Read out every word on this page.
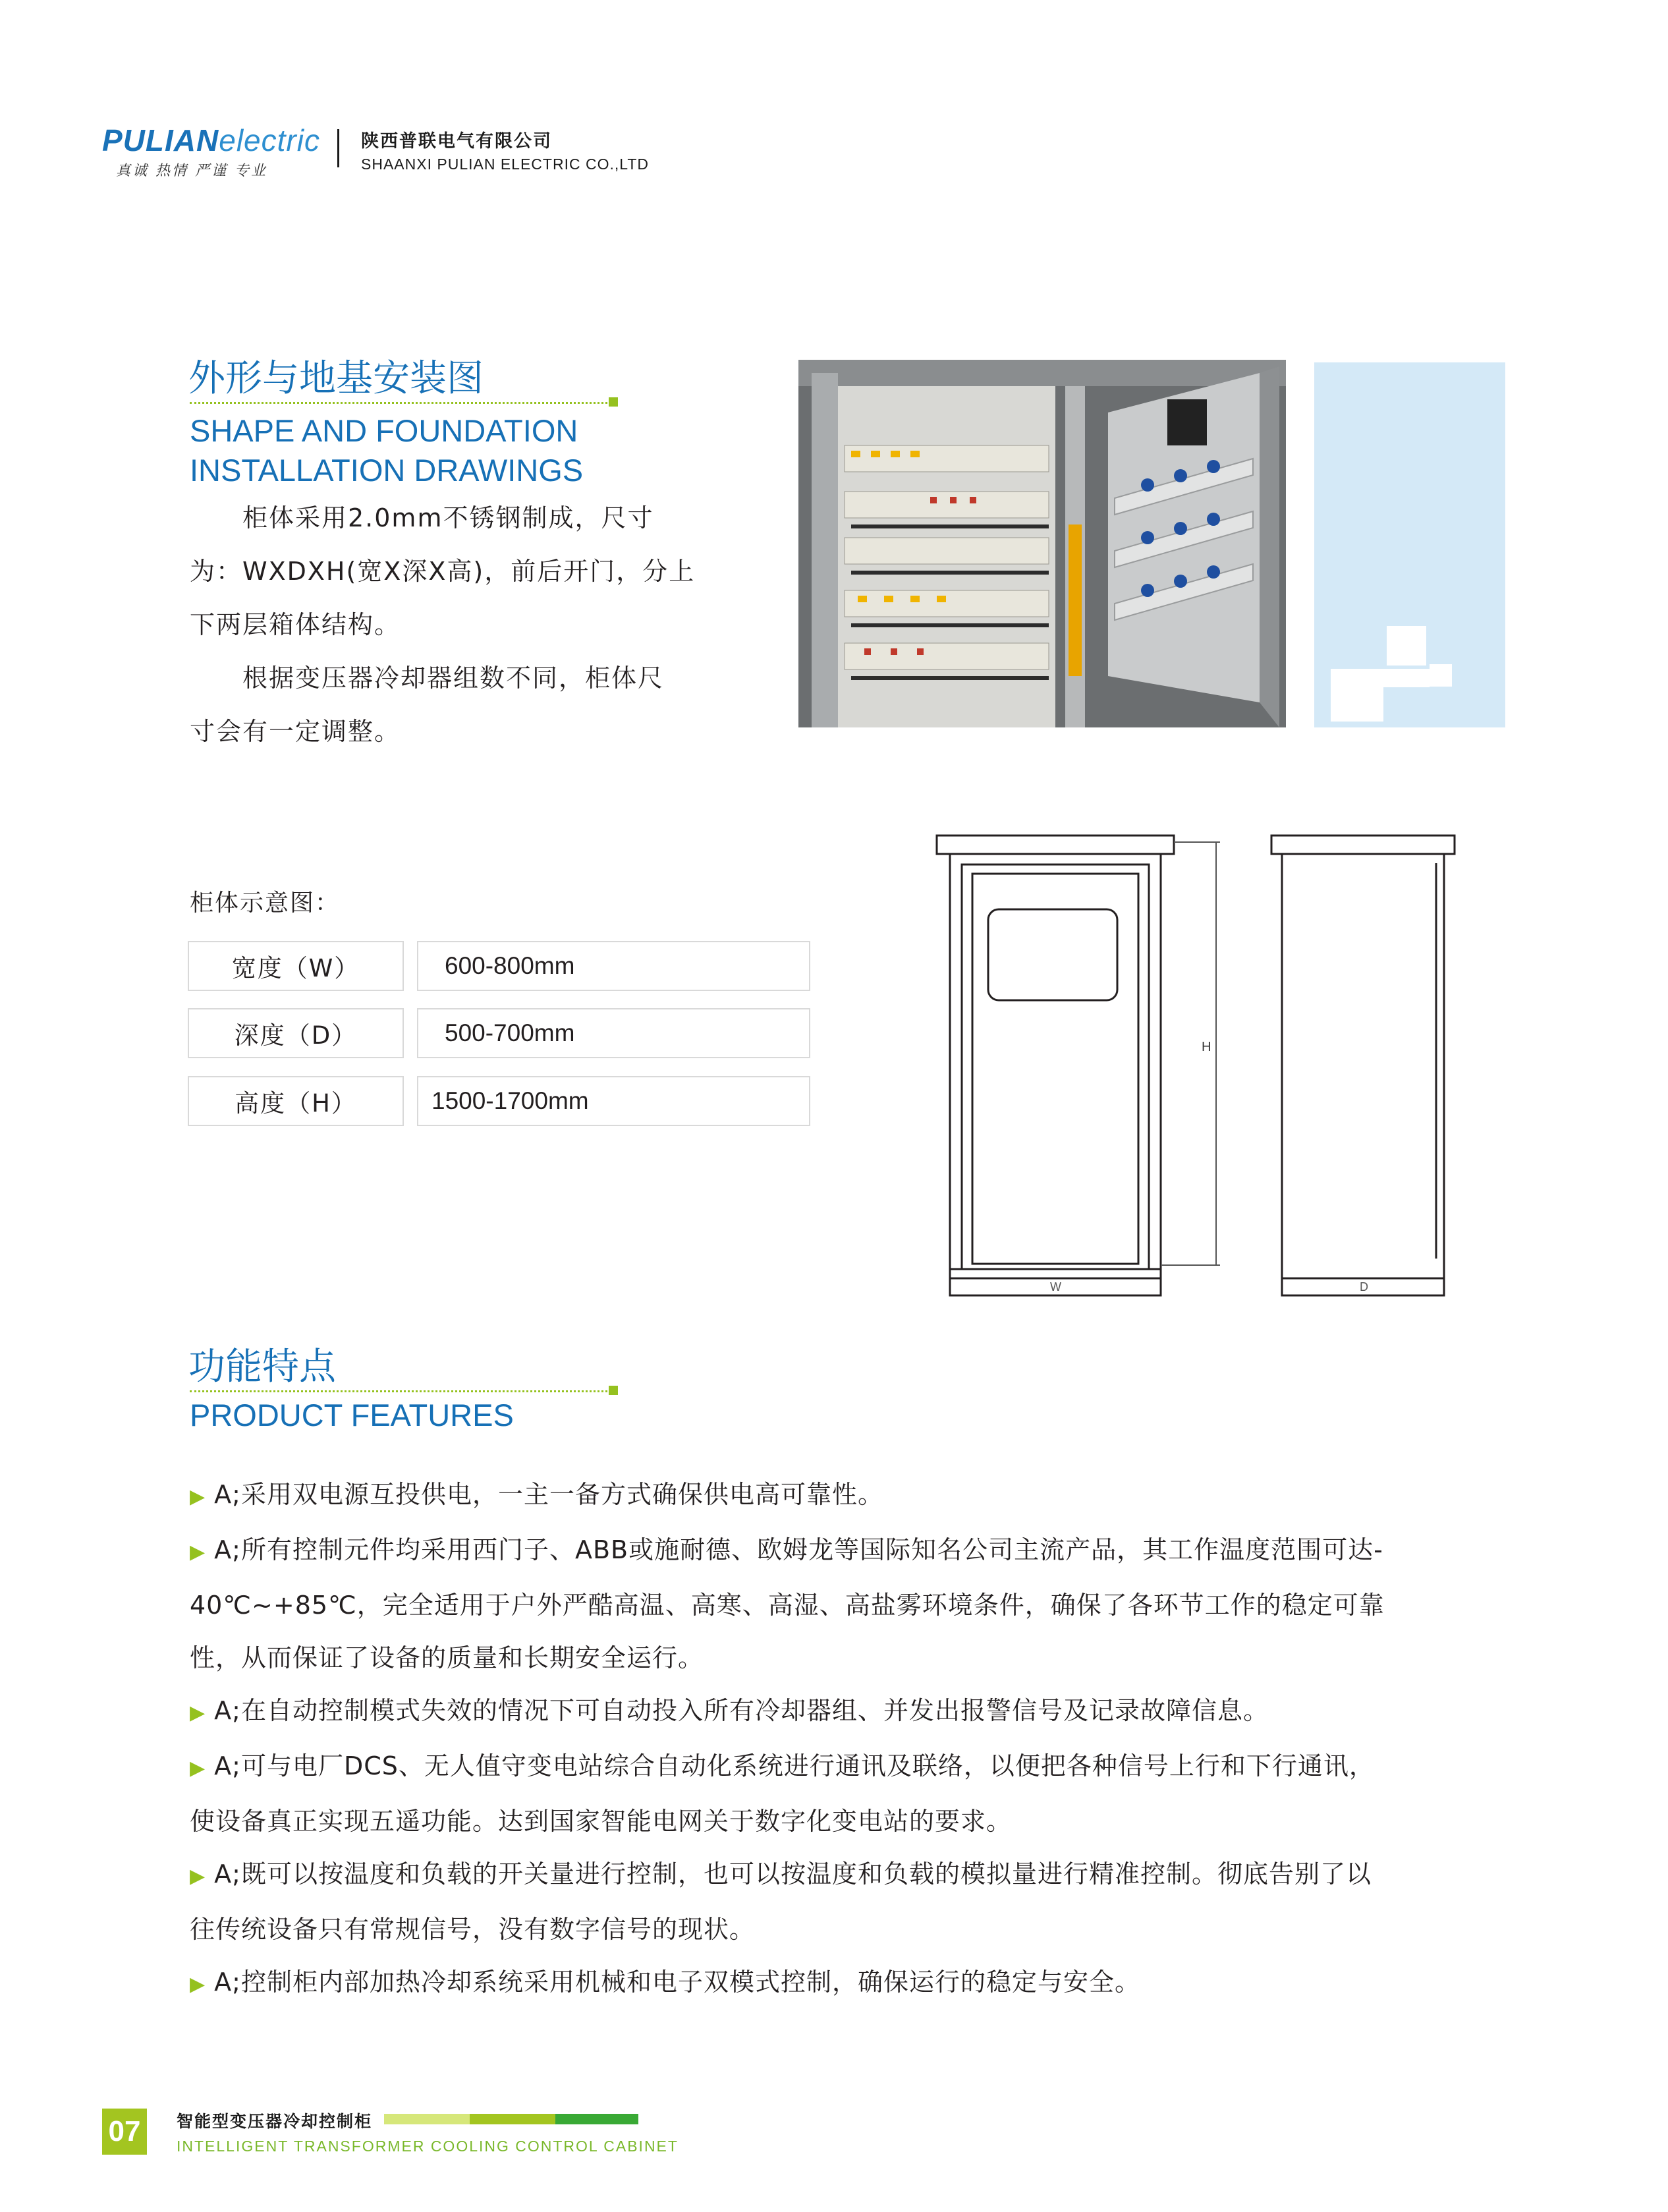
PULIANelectric
真诚 热情 严谨 专业
陕西普联电气有限公司
SHAANXI PULIAN ELECTRIC CO.,LTD
外形与地基安装图
SHAPE AND FOUNDATION INSTALLATION DRAWINGS

柜体采用2.0mm不锈钢制成，尺寸

为：WXDXH(宽X深X高)，前后开门，分上

下两层箱体结构。

根据变压器冷却器组数不同，柜体尺

寸会有一定调整。

柜体示意图：
宽度（W）	600-800mm
深度（D）	500-700mm
高度（H）	1500-1700mm
H
W	D
功能特点
PRODUCT FEATURES
▶ A;采用双电源互投供电，一主一备方式确保供电高可靠性。
▶ A;所有控制元件均采用西门子、ABB或施耐德、欧姆龙等国际知名公司主流产品，其工作温度范围可达-
40℃~+85℃，完全适用于户外严酷高温、高寒、高湿、高盐雾环境条件，确保了各环节工作的稳定可靠
性，从而保证了设备的质量和长期安全运行。
▶ A;在自动控制模式失效的情况下可自动投入所有冷却器组、并发出报警信号及记录故障信息。
▶ A;可与电厂DCS、无人值守变电站综合自动化系统进行通讯及联络，以便把各种信号上行和下行通讯，
使设备真正实现五遥功能。达到国家智能电网关于数字化变电站的要求。
▶ A;既可以按温度和负载的开关量进行控制，也可以按温度和负载的模拟量进行精准控制。彻底告别了以
往传统设备只有常规信号，没有数字信号的现状。
▶ A;控制柜内部加热冷却系统采用机械和电子双模式控制，确保运行的稳定与安全。
07	智能型变压器冷却控制柜
INTELLIGENT TRANSFORMER COOLING CONTROL CABINET
